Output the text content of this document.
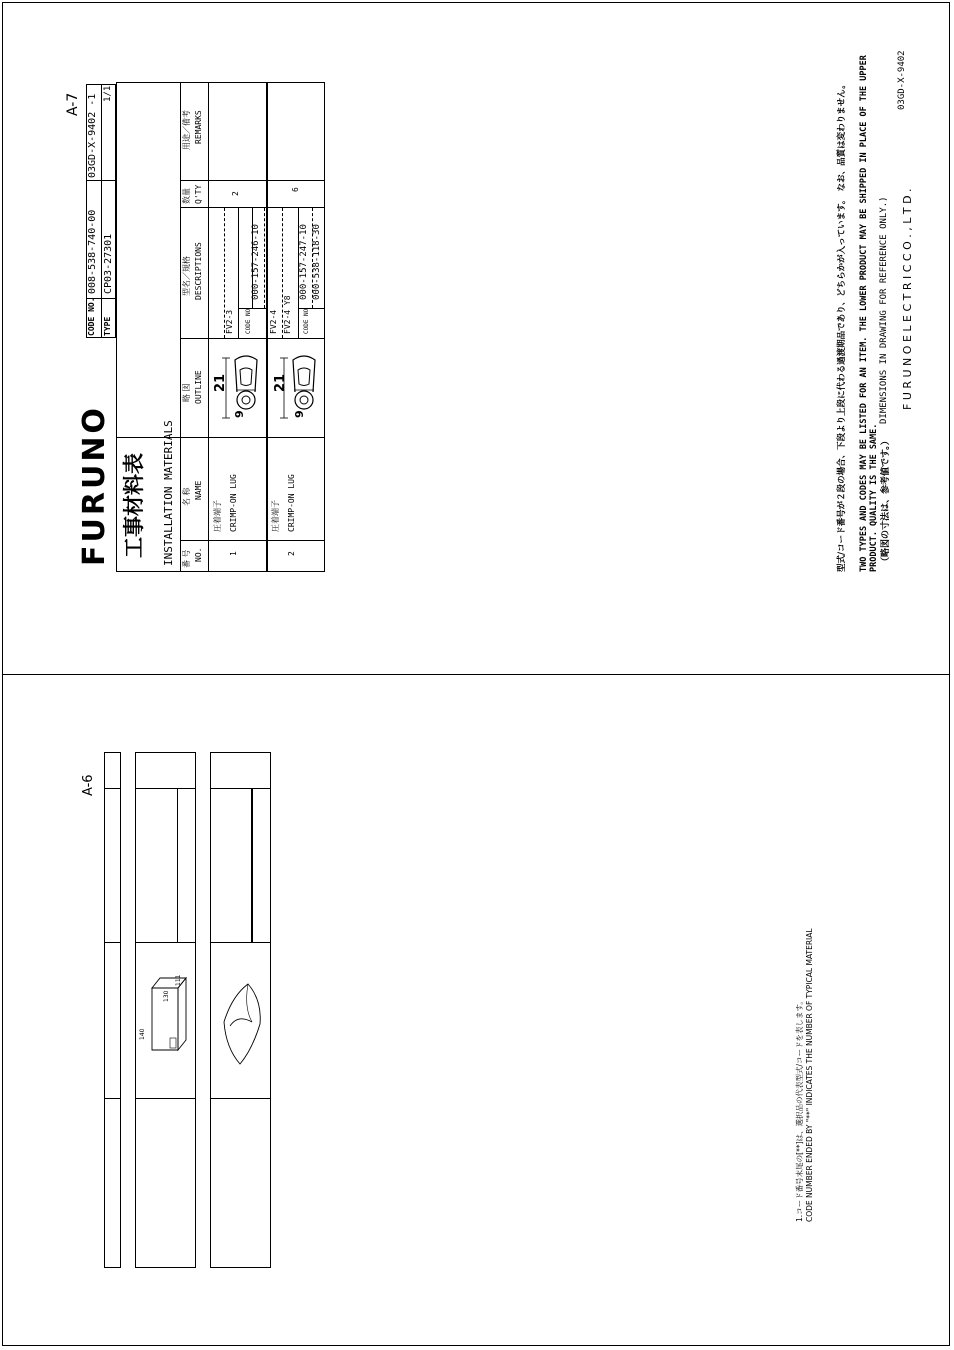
A-7
FURUNO
CODE NO.
008-538-740-00
TYPE
CP03-27301
03GD-X-9402 -1 1/1
工事材料表 INSTALLATION MATERIALS 番 号 NO.
名 称 NAME
略 図 OUTLINE
型名／規格 DESCRIPTIONS
数量 Q'TY
用途／備考 REMARKS
1
圧着端子 CRIMP-ON LUG
21
9
FV2-3 CODE NO
000-157-246-10
2
2
圧着端子 CRIMP-ON LUG
21
9
FV2-4 FV2-4 Y8 CODE NO
000-157-247-10 000-538-118-30
6	型式/コード番号が２段の場合、下段より上段に代わる過渡期品であり、どちらかが入っています。　なお、品質は変わりません。 TWO TYPES AND CODES MAY BE LISTED FOR AN ITEM. THE LOWER PRODUCT MAY BE SHIPPED IN PLACE OF THE UPPER PRODUCT. QUALITY IS THE SAME. （略図の寸法は、参考値です。）
DIMENSIONS IN DRAWING FOR REFERENCE ONLY.) F U R U N O E L E C T R I C C O . , L T D .
03GD-X-9402
A-6
140
130
111
1.コード番号末尾の[**]は、選択品の代表型式/コードを表します。 CODE NUMBER ENDED BY "**" INDICATES THE NUMBER OF TYPICAL MATERIAL
